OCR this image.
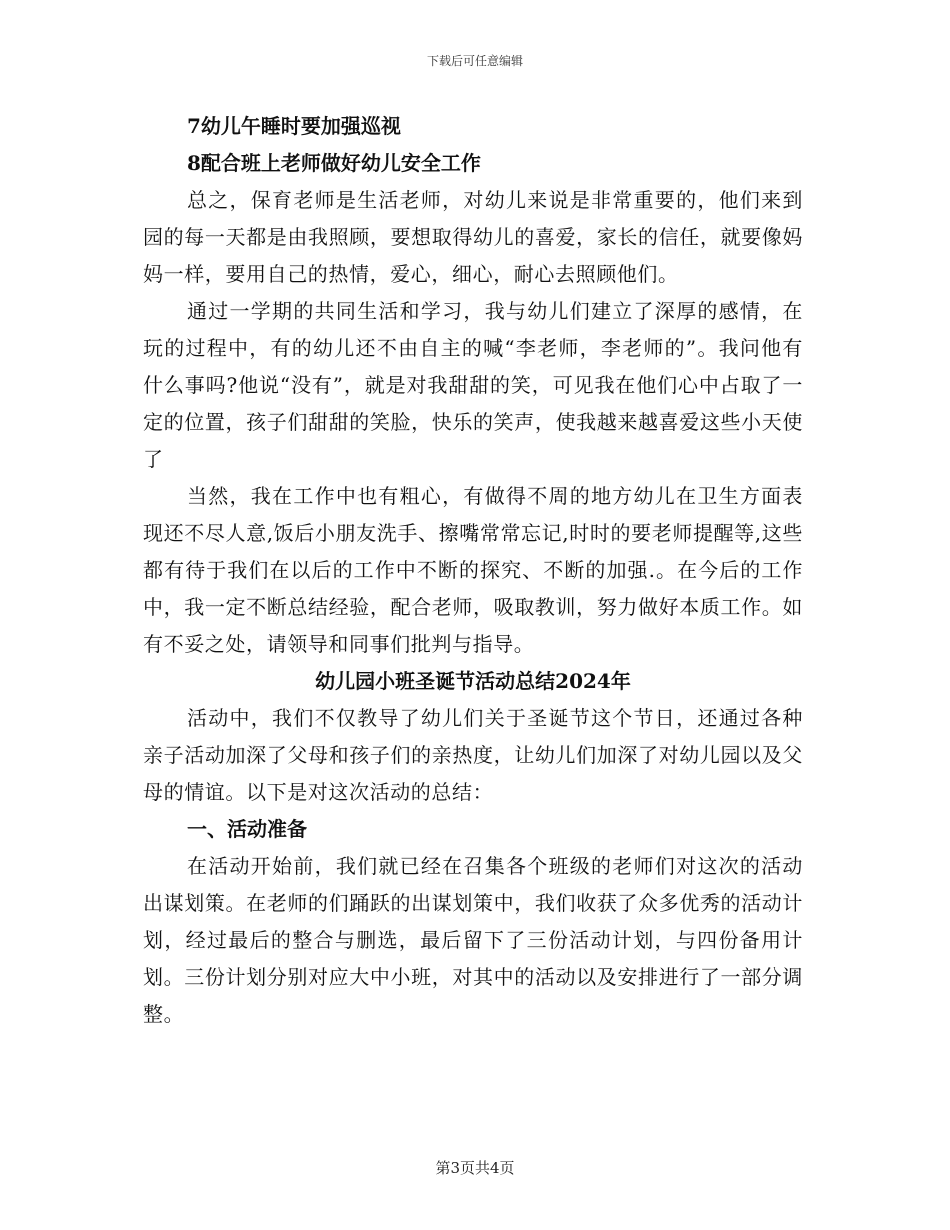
下载后可任意编辑
7幼儿午睡时要加强巡视
8配合班上老师做好幼儿安全工作

总之，保育老师是生活老师，对幼儿来说是非常重要的，他们来到园的每一天都是由我照顾，要想取得幼儿的喜爱，家长的信任，就要像妈妈一样，要用自己的热情，爱心，细心，耐心去照顾他们。

通过一学期的共同生活和学习，我与幼儿们建立了深厚的感情，在玩的过程中，有的幼儿还不由自主的喊“李老师，李老师的”。我问他有什么事吗?他说“没有”，就是对我甜甜的笑，可见我在他们心中占取了一定的位置，孩子们甜甜的笑脸，快乐的笑声，使我越来越喜爱这些小天使了

当然，我在工作中也有粗心，有做得不周的地方幼儿在卫生方面表现还不尽人意,饭后小朋友洗手、擦嘴常常忘记,时时的要老师提醒等,这些都有待于我们在以后的工作中不断的探究、不断的加强.。在今后的工作中，我一定不断总结经验，配合老师，吸取教训，努力做好本质工作。如有不妥之处，请领导和同事们批判与指导。

幼儿园小班圣诞节活动总结2024年

活动中，我们不仅教导了幼儿们关于圣诞节这个节日，还通过各种亲子活动加深了父母和孩子们的亲热度，让幼儿们加深了对幼儿园以及父母的情谊。以下是对这次活动的总结：

一、活动准备

在活动开始前，我们就已经在召集各个班级的老师们对这次的活动出谋划策。在老师的们踊跃的出谋划策中，我们收获了众多优秀的活动计划，经过最后的整合与删选，最后留下了三份活动计划，与四份备用计划。三份计划分别对应大中小班，对其中的活动以及安排进行了一部分调整。

第3页共4页
